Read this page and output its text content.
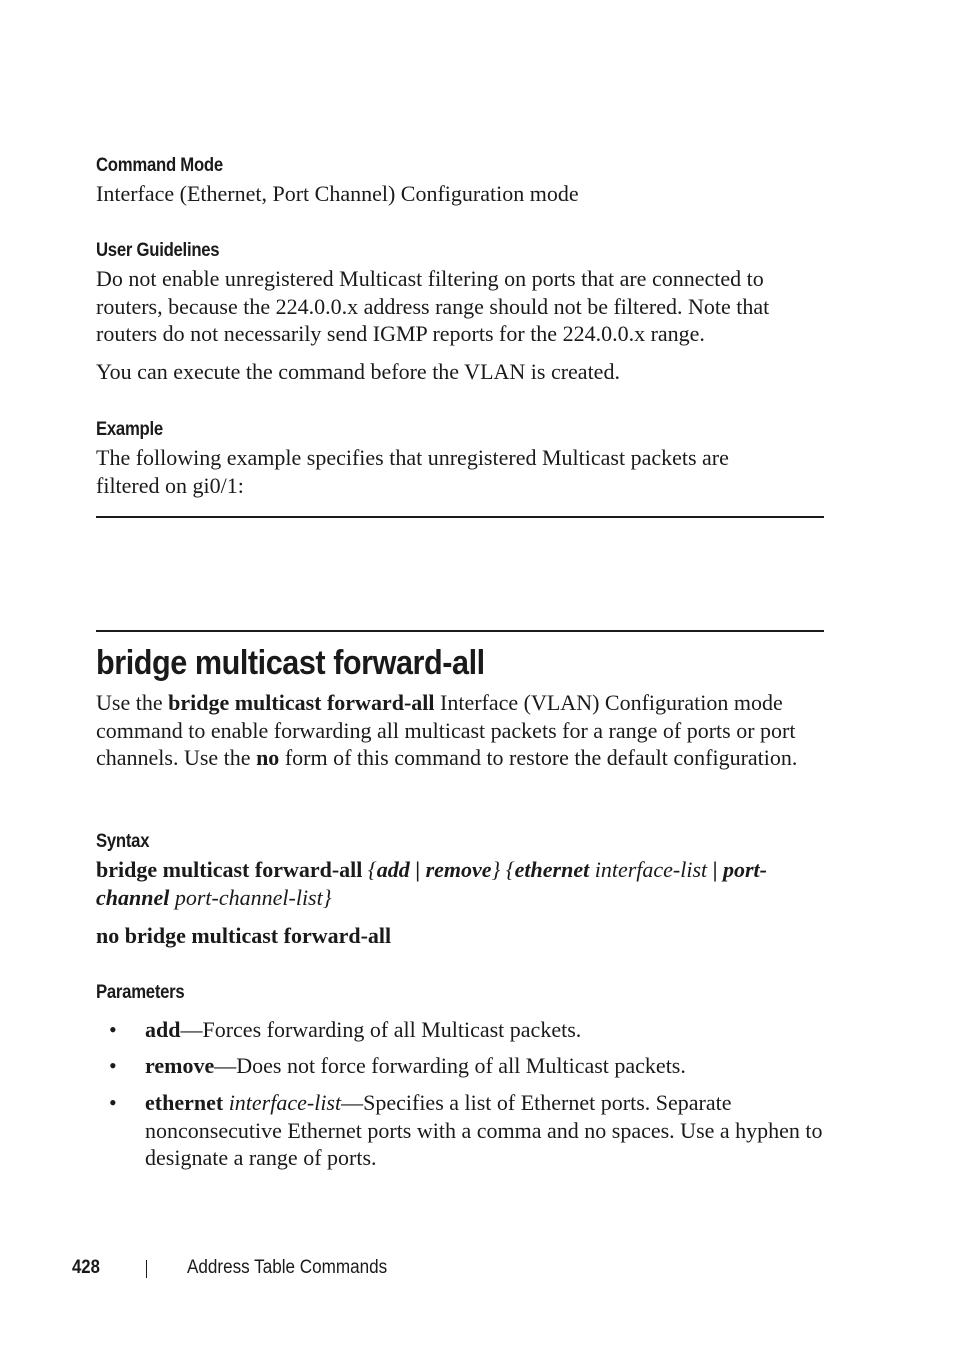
Command Mode
Interface (Ethernet, Port Channel) Configuration mode
User Guidelines
Do not enable unregistered Multicast filtering on ports that are connected to routers, because the 224.0.0.x address range should not be filtered. Note that routers do not necessarily send IGMP reports for the 224.0.0.x range.
You can execute the command before the VLAN is created.
Example
The following example specifies that unregistered Multicast packets are filtered on gi0/1:
bridge multicast forward-all
Use the bridge multicast forward-all Interface (VLAN) Configuration mode command to enable forwarding all multicast packets for a range of ports or port channels. Use the no form of this command to restore the default configuration.
Syntax
bridge multicast forward-all {add | remove} {ethernet interface-list | port-channel port-channel-list}
no bridge multicast forward-all
Parameters
• add—Forces forwarding of all Multicast packets.
• remove—Does not force forwarding of all Multicast packets.
• ethernet interface-list—Specifies a list of Ethernet ports. Separate nonconsecutive Ethernet ports with a comma and no spaces. Use a hyphen to designate a range of ports.
428	Address Table Commands
